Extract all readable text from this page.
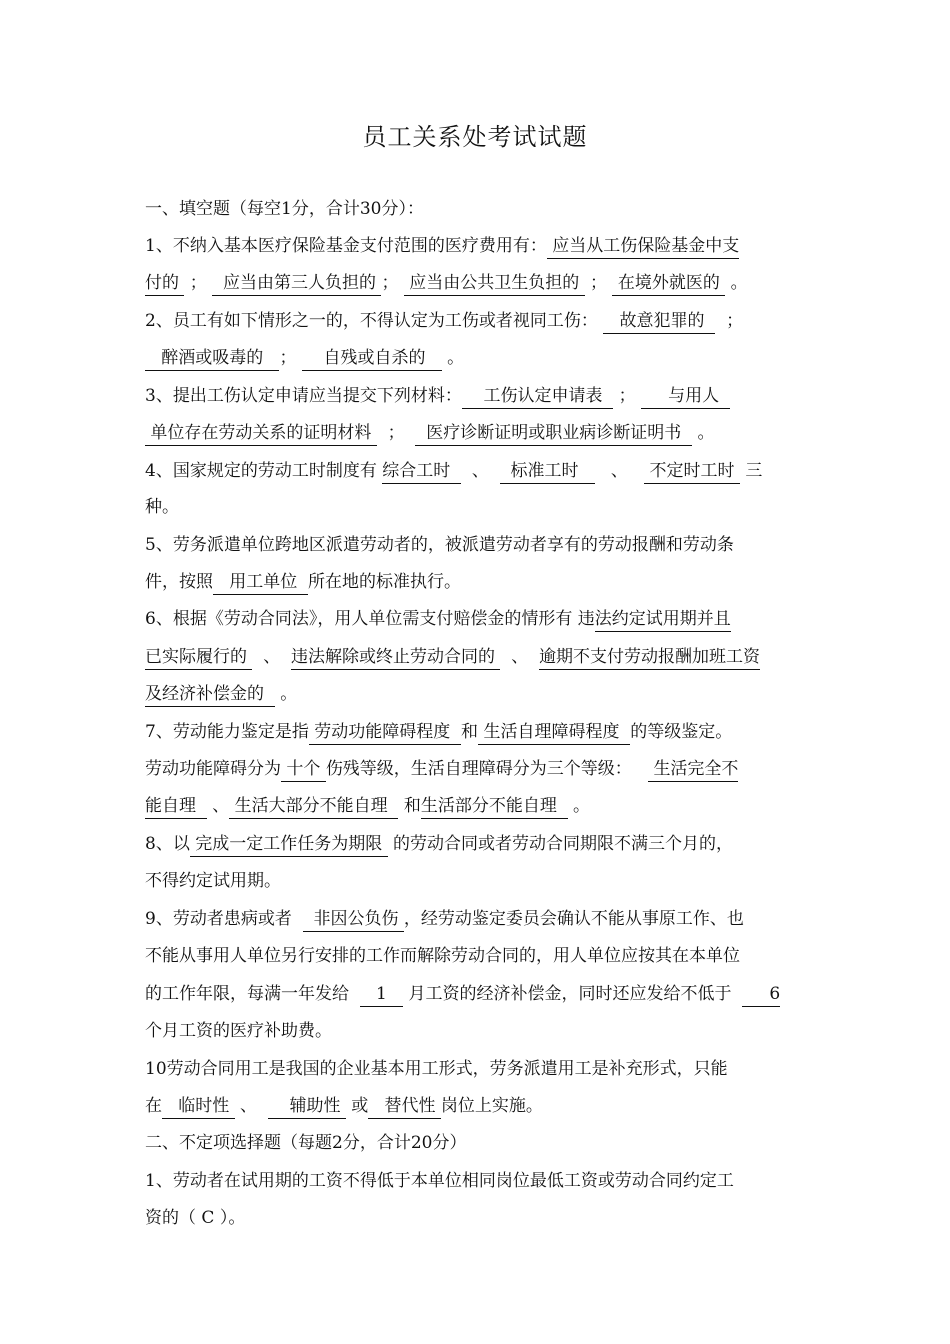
员工关系处考试试题
一、填空题（每空1分，合计30分）：
1、不纳入基本医疗保险基金支付范围的医疗费用有： 应当从工伤保险基金中支
付的  ；   应当由第三人负担的 ；  应当由公共卫生负担的  ；  在境外就医的  。
2、员工有如下情形之一的，不得认定为工伤或者视同工伤： 故意犯罪的    ；
醉酒或吸毒的 ；     自残或自杀的    。
3、提出工伤认定申请应当提交下列材料： 工伤认定申请表   ；      与用人
单位存在劳动关系的证明材料   ；    医疗诊断证明或职业病诊断证明书   。
4、国家规定的劳动工时制度有 综合工时    、    标准工时      、    不定时工时 三
种。
5、劳务派遣单位跨地区派遣劳动者的，被派遣劳动者享有的劳动报酬和劳动条
件，按照 用工单位 所在地的标准执行。
6、根据《劳动合同法》，用人单位需支付赔偿金的情形有 违法约定试用期并且
已实际履行的   、  违法解除或终止劳动合同的   、  逾期不支付劳动报酬加班工资
及经济补偿金的   。
7、劳动能力鉴定是指 劳动功能障碍程度 和 生活自理障碍程度 的等级鉴定。
劳动功能障碍分为 十个 伤残等级，生活自理障碍分为三个等级： 生活完全不
能自理   、 生活大部分不能自理 和生活部分不能自理   。
8、以 完成一定工作任务为期限 的劳动合同或者劳动合同期限不满三个月的，
不得约定试用期。
9、劳动者患病或者 非因公负伤 ，经劳动鉴定委员会确认不能从事原工作、也
不能从事用人单位另行安排的工作而解除劳动合同的，用人单位应按其在本单位
的工作年限，每满一年发给 1 月工资的经济补偿金，同时还应发给不低于 6
个月工资的医疗补助费。
10劳动合同用工是我国的企业基本用工形式，劳务派遣用工是补充形式，只能
在 临时性  、      辅助性 或 替代性 岗位上实施。
二、不定项选择题（每题2分，合计20分）
1、劳动者在试用期的工资不得低于本单位相同岗位最低工资或劳动合同约定工
资的（ C ）。
